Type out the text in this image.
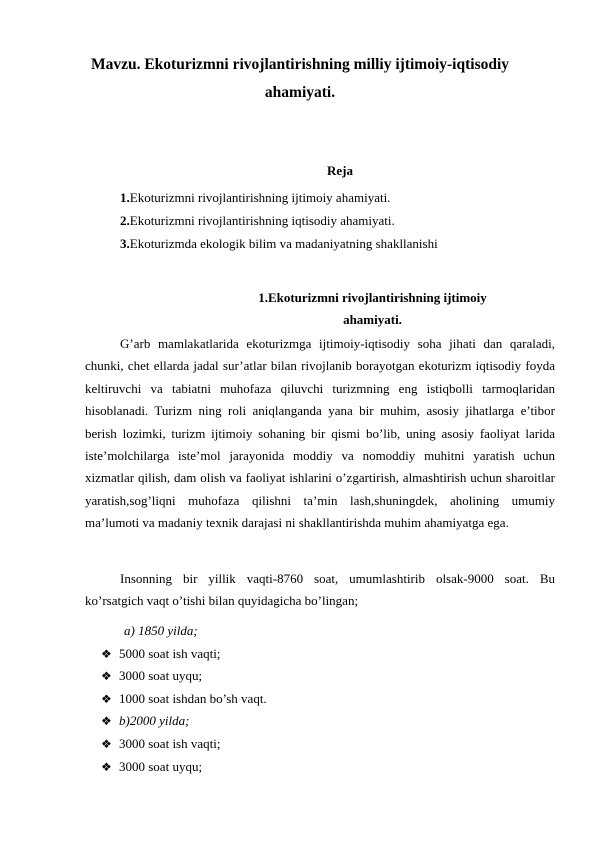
Mavzu. Ekoturizmni rivojlantirishning milliy ijtimoiy-iqtisodiy
ahamiyati.
Reja
1.Ekoturizmni rivojlantirishning ijtimoiy ahamiyati.
2.Ekoturizmni rivojlantirishning iqtisodiy ahamiyati.
3.Ekoturizmda ekologik bilim va madaniyatning shakllanishi
1.Ekoturizmni rivojlantirishning ijtimoiy
ahamiyati.
G’arb mamlakatlarida ekoturizmga ijtimoiy-iqtisodiy soha jihati dan qaraladi, chunki, chet ellarda jadal sur’atlar bilan rivojlanib borayotgan ekoturizm iqtisodiy foyda keltiruvchi va tabiatni muhofaza qiluvchi turizmning eng istiqbolli tarmoqlaridan hisoblanadi. Turizm ning roli aniqlanganda yana bir muhim, asosiy jihatlarga e’tibor berish lozimki, turizm ijtimoiy sohaning bir qismi bo’lib, uning asosiy faoliyat larida iste’molchilarga iste’mol jarayonida moddiy va nomoddiy muhitni yaratish uchun xizmatlar qilish, dam olish va faoliyat ishlarini o’zgartirish, almashtirish uchun sharoitlar yaratish,sog’liqni muhofaza qilishni ta’min lash,shuningdek, aholining umumiy ma’lumoti va madaniy texnik darajasi ni shakllantirishda muhim ahamiyatga ega.
Insonning bir yillik vaqti-8760 soat, umumlashtirib olsak-9000 soat. Bu ko’rsatgich vaqt o’tishi bilan quyidagicha bo’lingan;
a) 1850 yilda;
❖ 5000 soat ish vaqti;
❖ 3000 soat uyqu;
❖ 1000 soat ishdan bo’sh vaqt.
❖ b)2000 yilda;
❖ 3000 soat ish vaqti;
❖ 3000 soat uyqu;
